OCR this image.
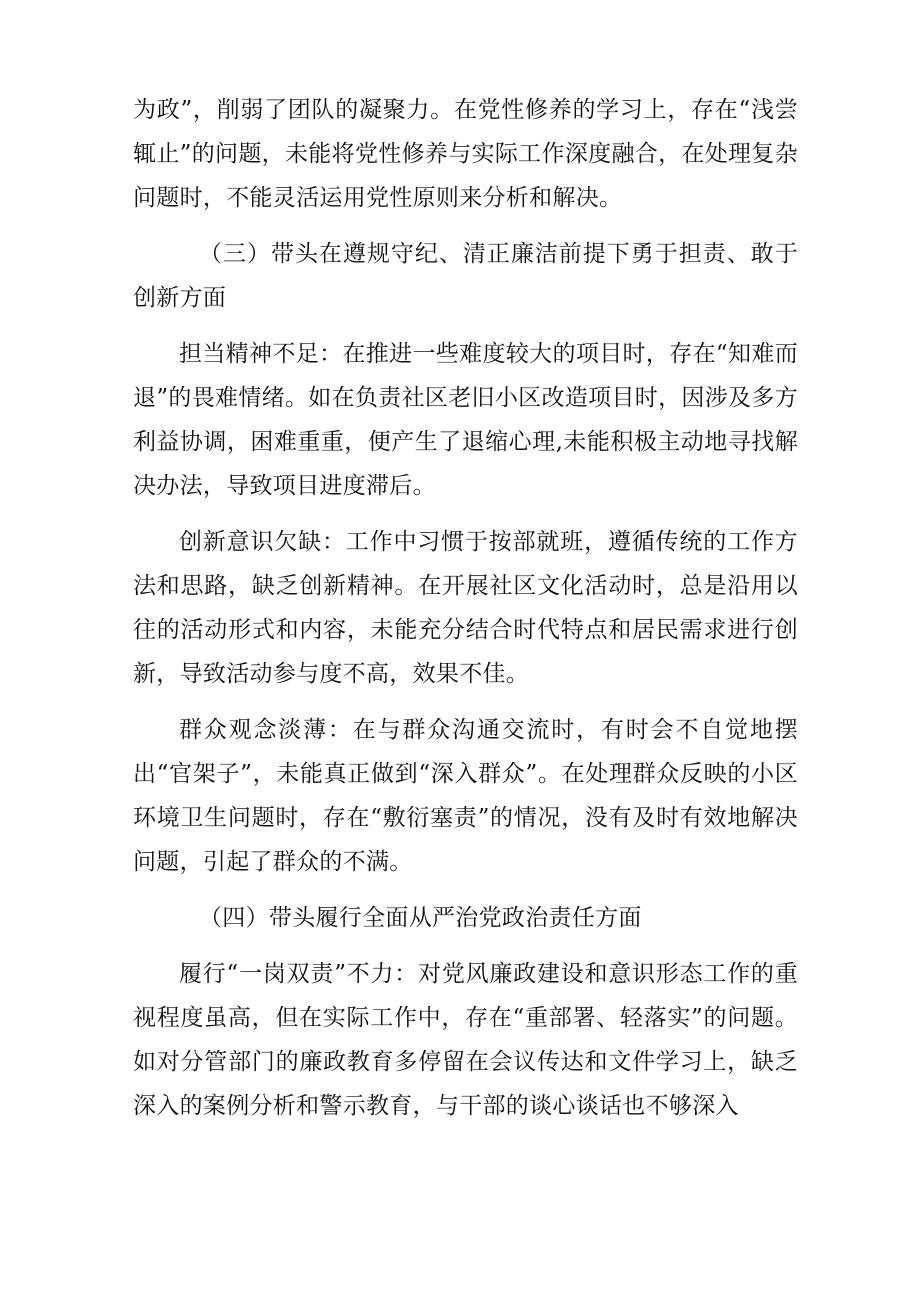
为政”，削弱了团队的凝聚力。在党性修养的学习上，存在“浅尝辄止”的问题，未能将党性修养与实际工作深度融合，在处理复杂问题时，不能灵活运用党性原则来分析和解决。

（三）带头在遵规守纪、清正廉洁前提下勇于担责、敢于创新方面

担当精神不足：在推进一些难度较大的项目时，存在“知难而退”的畏难情绪。如在负责社区老旧小区改造项目时，因涉及多方利益协调，困难重重，便产生了退缩心理,未能积极主动地寻找解决办法，导致项目进度滞后。

创新意识欠缺：工作中习惯于按部就班，遵循传统的工作方法和思路，缺乏创新精神。在开展社区文化活动时，总是沿用以往的活动形式和内容，未能充分结合时代特点和居民需求进行创新，导致活动参与度不高，效果不佳。

群众观念淡薄：在与群众沟通交流时，有时会不自觉地摆出“官架子”，未能真正做到“深入群众”。在处理群众反映的小区环境卫生问题时，存在“敷衍塞责”的情况，没有及时有效地解决问题，引起了群众的不满。

（四）带头履行全面从严治党政治责任方面

履行“一岗双责”不力：对党风廉政建设和意识形态工作的重视程度虽高，但在实际工作中，存在“重部署、轻落实”的问题。如对分管部门的廉政教育多停留在会议传达和文件学习上，缺乏深入的案例分析和警示教育，与干部的谈心谈话也不够深入
